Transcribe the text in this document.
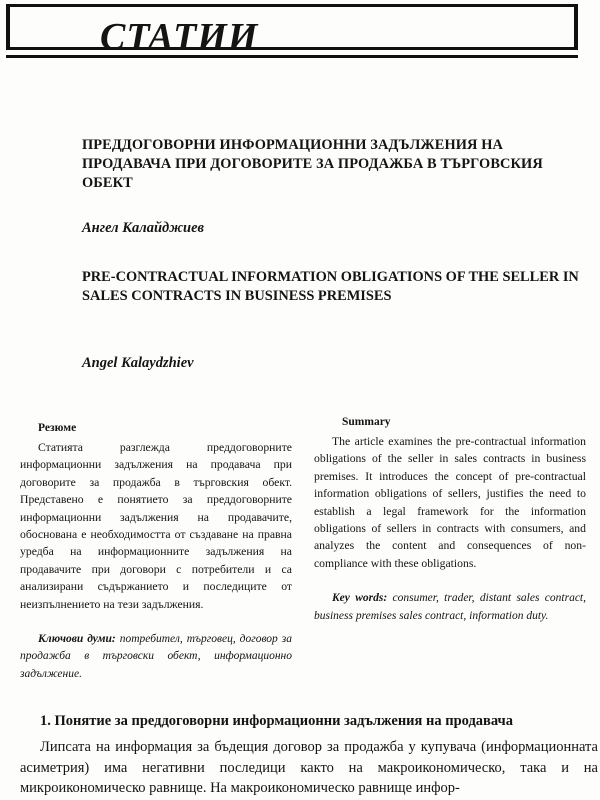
СТАТИИ
ПРЕДДОГОВОРНИ ИНФОРМАЦИОННИ ЗАДЪЛЖЕНИЯ НА ПРОДАВАЧА ПРИ ДОГОВОРИТЕ ЗА ПРОДАЖБА В ТЪРГОВСКИЯ ОБЕКТ
Ангел Калайджиев
PRE-CONTRACTUAL INFORMATION OBLIGATIONS OF THE SELLER IN SALES CONTRACTS IN BUSINESS PREMISES
Angel Kalaydzhiev
Резюме

Статията разглежда преддоговорните информационни задължения на продавача при договорите за продажба в търговския обект. Представено е понятието за преддоговорните информационни задължения на продавачите, обоснована е необходимостта от създаване на правна уредба на информационните задължения на продавачите при договори с потребители и са анализирани съдържанието и последиците от неизпълнението на тези задължения.

Ключови думи: потребител, търговец, договор за продажба в търговски обект, информационно задължение.

Summary

The article examines the pre-contractual information obligations of the seller in sales contracts in business premises. It introduces the concept of pre-contractual information obligations of sellers, justifies the need to establish a legal framework for the information obligations of sellers in contracts with consumers, and analyzes the content and consequences of non-compliance with these obligations.

Key words: consumer, trader, distant sales contract, business premises sales contract, information duty.

1. Понятие за преддоговорни информационни задължения на продавача

Липсата на информация за бъдещия договор за продажба у купувача (информационната асиметрия) има негативни последици както на макроикономическо, така и на микроикономическо равнище. На макроикономическо равнище инфор-
